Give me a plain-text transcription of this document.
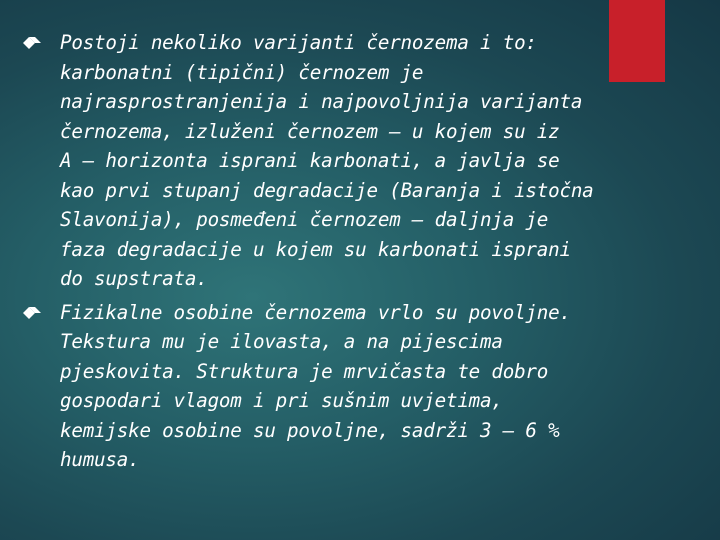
Postoji nekoliko varijanti černozema i to:
karbonatni (tipični) černozem je
najrasprostranjenija i najpovoljnija varijanta
černozema, izluženi černozem – u kojem su iz
A – horizonta isprani karbonati, a javlja se
kao prvi stupanj degradacije (Baranja i istočna
Slavonija), posmeđeni černozem – daljnja je
faza degradacije u kojem su karbonati isprani
do supstrata.
Fizikalne osobine černozema vrlo su povoljne.
Tekstura mu je ilovasta, a na pijescima
pjeskovita. Struktura je mrvičasta te dobro
gospodari vlagom i pri sušnim uvjetima,
kemijske osobine su povoljne, sadrži 3 – 6 %
humusa.
